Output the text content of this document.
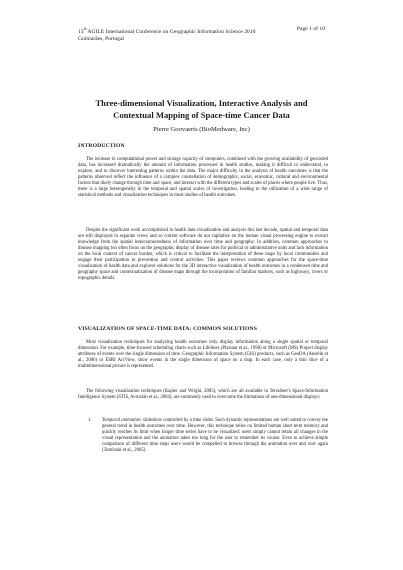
13th AGILE International Conference on Geographic Information Science 2010
Guimarães, Portugal
Page 1 of 10
Three-dimensional Visualization, Interactive Analysis and
Contextual Mapping of Space-time Cancer Data
Pierre Goovaerts (BioMedware, Inc)
INTRODUCTION
The increase in computational power and storage capacity of computers, combined with the growing availability of geocoded data, has increased dramatically the amount of information processed in health studies, making it difficult to understand, to explore, and to discover interesting patterns within the data. The major difficulty in the analysis of health outcomes is that the patterns observed reflect the influence of a complex constellation of demographic, social, economic, cultural and environmental factors that likely change through time and space, and interact with the different types and scales of places where people live. Thus, there is a large heterogeneity in the temporal and spatial scales of investigation, leading to the utilization of a wide range of statistical methods and visualization techniques in most studies of health outcomes.
Despite the significant work accomplished in health data visualization and analysis this last decade, spatial and temporal data are still displayed in separate views and so current software do not capitalize on the human visual processing engine to extract knowledge from the spatial interconnectedness of information over time and geography. In addition, common approaches to disease mapping too often focus on the geographic display of disease rates for political or administrative units and lack information on the local context of cancer burden, which is critical to facilitate the interpretation of these maps by local communities and engage their participation to prevention and control activities. This paper reviews common approaches for the space-time visualization of health data and explores solutions for the 3D interactive visualization of health outcomes in a condensed time and geography space and contextualization of disease maps through the incorporation of familiar markers, such as highways, rivers or topographic details.
VISUALIZATION OF SPACE-TIME DATA: COMMON SOLUTIONS
Most visualization techniques for analyzing health outcomes only display information along a single spatial or temporal dimension. For example, time-focused scheduling charts such as Lifelines (Plaisant et al., 1998) or Microsoft (MS) Project display attributes of events over the single dimension of time. Geographic Information System (GIS) products, such as GeoDA (Anselin et al., 2006) or ESRI ArcView, show events in the single dimension of space on a map. In each case, only a thin slice of a multidimensional picture is represented.
The following visualization techniques (Kapler and Wright, 2005), which are all available in TerraSeer's Space-Information Intelligence System (STIS, Avruskin et al., 2004), are commonly used to overcome the limitations of one-dimensional displays:
1. Temporal animation: slideshow controlled by a time slider. Such dynamic representations are well suited to convey the general trend in health outcomes over time. However, this technique relies on limited human short term memory and quickly reaches its limit when longer time series have to be visualized: users simply cannot retain all changes in the visual representation and the animation takes too long for the user to remember its course. Even to achieve simple comparison of different time steps users would be compelled to browse through the animation over and over again (Tominski et al., 2005).
